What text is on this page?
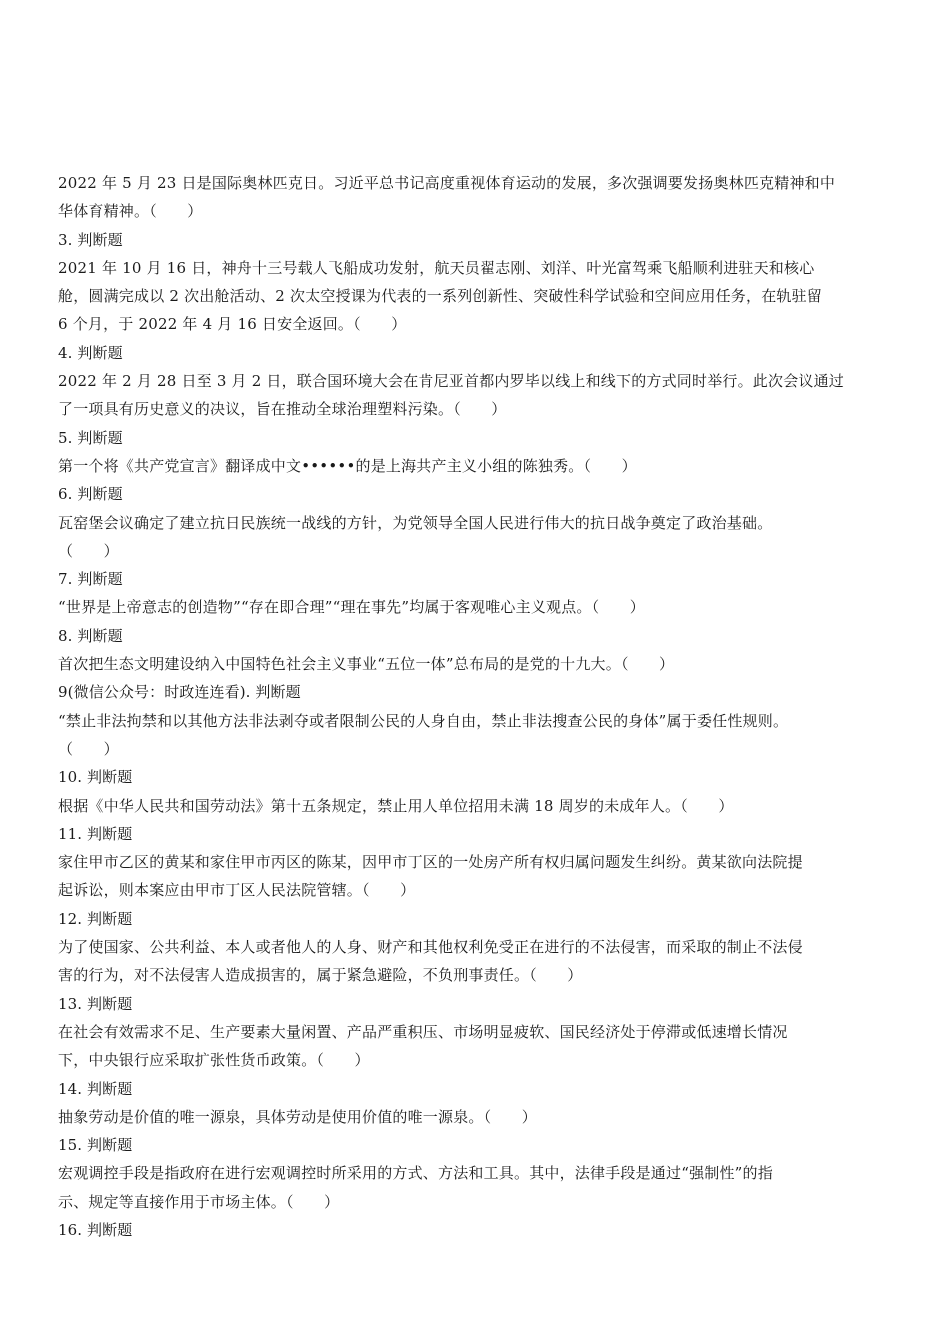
2022 年 5 月 23 日是国际奥林匹克日。习近平总书记高度重视体育运动的发展，多次强调要发扬奥林匹克精神和中
华体育精神。（　　）
3. 判断题
2021 年 10 月 16 日，神舟十三号载人飞船成功发射，航天员翟志刚、刘洋、叶光富驾乘飞船顺利进驻天和核心
舱，圆满完成以 2 次出舱活动、2 次太空授课为代表的一系列创新性、突破性科学试验和空间应用任务，在轨驻留
6 个月，于 2022 年 4 月 16 日安全返回。（　　）
4. 判断题
2022 年 2 月 28 日至 3 月 2 日，联合国环境大会在肯尼亚首都内罗毕以线上和线下的方式同时举行。此次会议通过
了一项具有历史意义的决议，旨在推动全球治理塑料污染。（　　）
5. 判断题
第一个将《共产党宣言》翻译成中文••••••的是上海共产主义小组的陈独秀。（　　）
6. 判断题
瓦窑堡会议确定了建立抗日民族统一战线的方针，为党领导全国人民进行伟大的抗日战争奠定了政治基础。
（　　）
7. 判断题
“世界是上帝意志的创造物”“存在即合理”“理在事先”均属于客观唯心主义观点。（　　）
8. 判断题
首次把生态文明建设纳入中国特色社会主义事业“五位一体”总布局的是党的十九大。（　　）
9(微信公众号：时政连连看). 判断题
“禁止非法拘禁和以其他方法非法剥夺或者限制公民的人身自由，禁止非法搜查公民的身体”属于委任性规则。
（　　）
10. 判断题
根据《中华人民共和国劳动法》第十五条规定，禁止用人单位招用未满 18 周岁的未成年人。（　　）
11. 判断题
家住甲市乙区的黄某和家住甲市丙区的陈某，因甲市丁区的一处房产所有权归属问题发生纠纷。黄某欲向法院提
起诉讼，则本案应由甲市丁区人民法院管辖。（　　）
12. 判断题
为了使国家、公共利益、本人或者他人的人身、财产和其他权利免受正在进行的不法侵害，而采取的制止不法侵
害的行为，对不法侵害人造成损害的，属于紧急避险，不负刑事责任。（　　）
13. 判断题
在社会有效需求不足、生产要素大量闲置、产品严重积压、市场明显疲软、国民经济处于停滞或低速增长情况
下，中央银行应采取扩张性货币政策。（　　）
14. 判断题
抽象劳动是价值的唯一源泉，具体劳动是使用价值的唯一源泉。（　　）
15. 判断题
宏观调控手段是指政府在进行宏观调控时所采用的方式、方法和工具。其中，法律手段是通过“强制性”的指
示、规定等直接作用于市场主体。（　　）
16. 判断题
